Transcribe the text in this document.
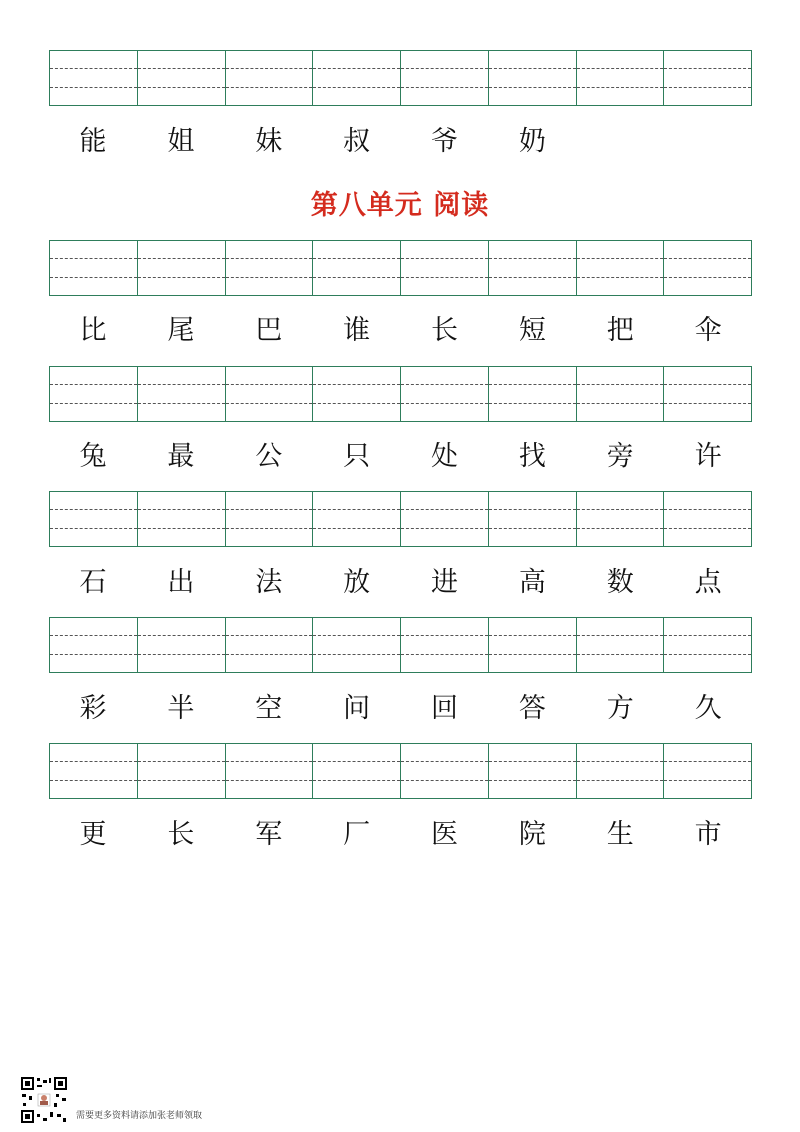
能	姐	妹	叔	爷	奶
第八单元 阅读
比	尾	巴	谁	长	短	把	伞
兔	最	公	只	处	找	旁	许
石	出	法	放	进	高	数	点
彩	半	空	问	回	答	方	久
更	长	军	厂	医	院	生	市
需要更多资料请添加张老师领取
